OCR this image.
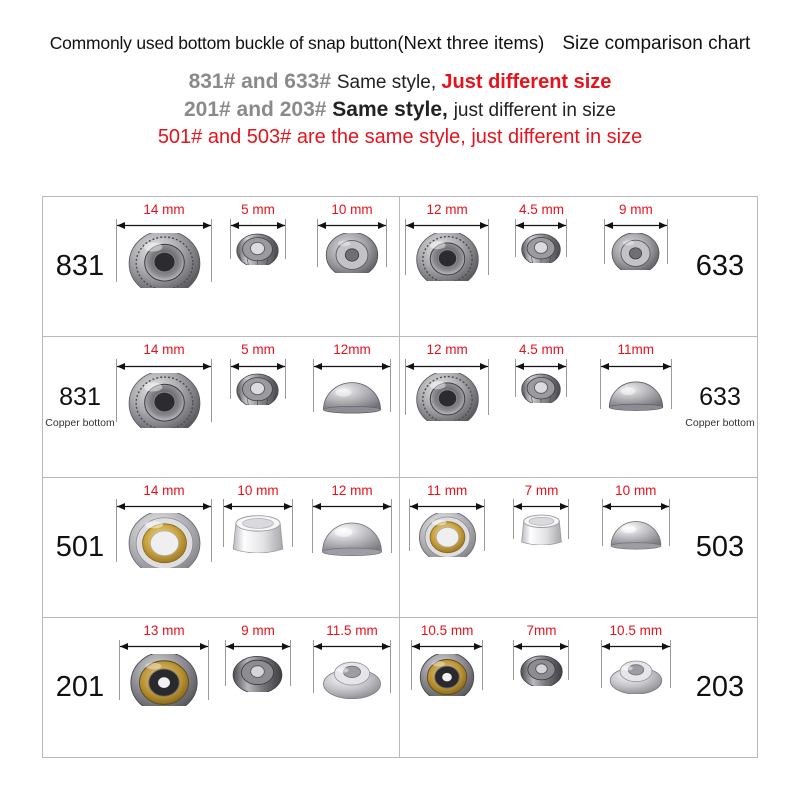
Commonly used bottom buckle of snap button(Next three items) Size comparison chart
831# and 633# Same style, Just different size
201# and 203# Same style, just different in size
501# and 503# are the same style, just different in size
831
14 mm	5 mm	10 mm	12 mm	4.5 mm	9 mm
633
831
Copper bottom
14 mm	5 mm	12mm	12 mm	4.5 mm	11mm
633
Copper bottom
501
14 mm	10 mm	12 mm	11 mm	7 mm	10 mm
503
201
13 mm	9 mm	11.5 mm	10.5 mm	7mm	10.5 mm
203
